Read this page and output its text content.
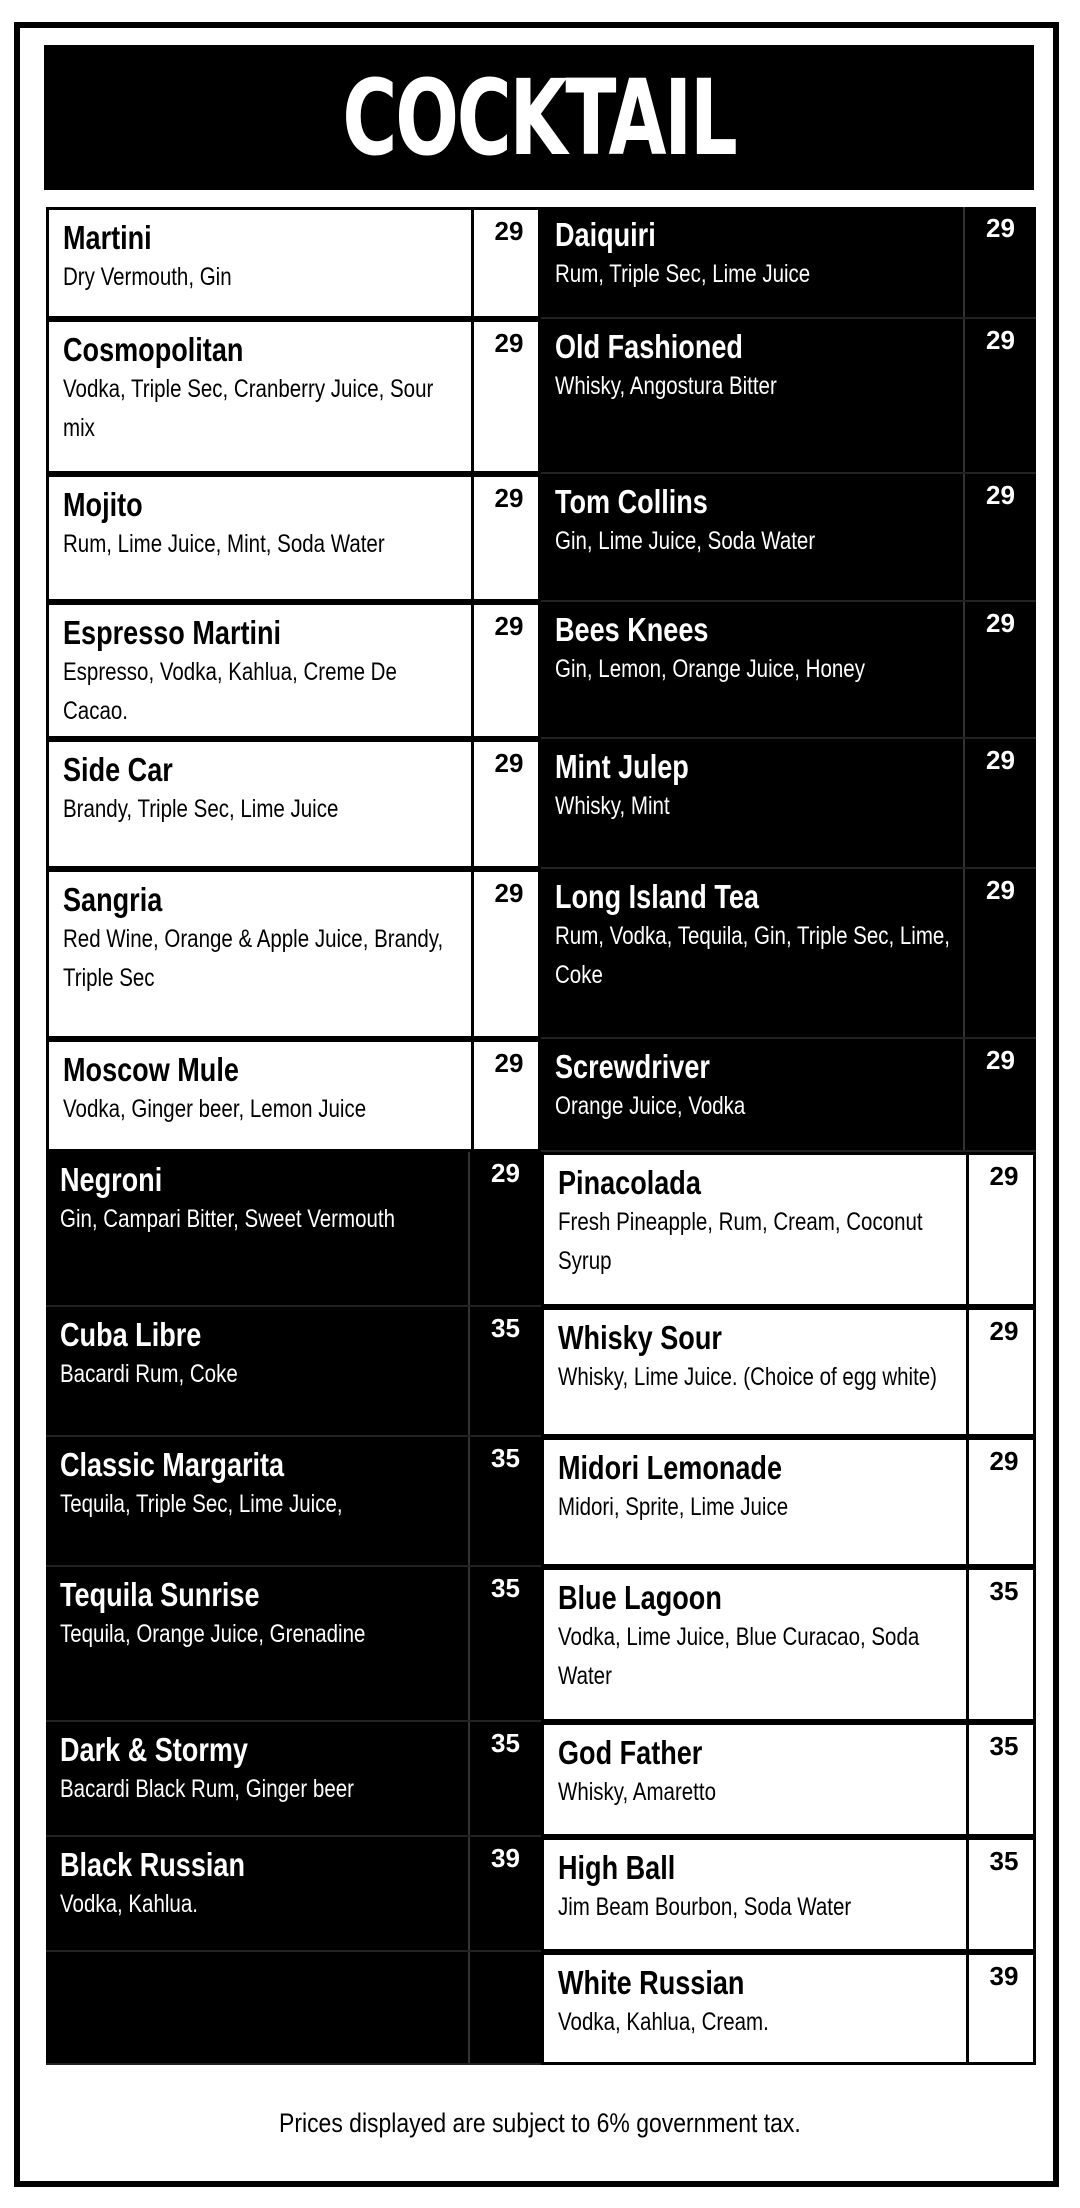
COCKTAIL
Martini
Dry Vermouth, Gin
29
Cosmopolitan
Vodka, Triple Sec, Cranberry Juice, Sour mix
29
Mojito
Rum, Lime Juice, Mint, Soda Water
29
Espresso Martini
Espresso, Vodka, Kahlua, Creme De Cacao.
29
Side Car
Brandy, Triple Sec, Lime Juice
29
Sangria
Red Wine, Orange & Apple Juice, Brandy, Triple Sec
29
Moscow Mule
Vodka, Ginger beer, Lemon Juice
29
Negroni
Gin, Campari Bitter, Sweet Vermouth
29
Cuba Libre
Bacardi Rum, Coke
35
Classic Margarita
Tequila, Triple Sec, Lime Juice,
35
Tequila Sunrise
Tequila, Orange Juice, Grenadine
35
Dark & Stormy
Bacardi Black Rum, Ginger beer
35
Black Russian
Vodka, Kahlua.
39
Daiquiri
Rum, Triple Sec, Lime Juice
29
Old Fashioned
Whisky, Angostura Bitter
29
Tom Collins
Gin, Lime Juice, Soda Water
29
Bees Knees
Gin, Lemon, Orange Juice, Honey
29
Mint Julep
Whisky, Mint
29
Long Island Tea
Rum, Vodka, Tequila, Gin, Triple Sec, Lime, Coke
29
Screwdriver
Orange Juice, Vodka
29
Pinacolada
Fresh Pineapple, Rum, Cream, Coconut Syrup
29
Whisky Sour
Whisky, Lime Juice. (Choice of egg white)
29
Midori Lemonade
Midori, Sprite, Lime Juice
29
Blue Lagoon
Vodka, Lime Juice, Blue Curacao, Soda Water
35
God Father
Whisky, Amaretto
35
High Ball
Jim Beam Bourbon, Soda Water
35
White Russian
Vodka, Kahlua, Cream.
39
Prices displayed are subject to 6% government tax.
